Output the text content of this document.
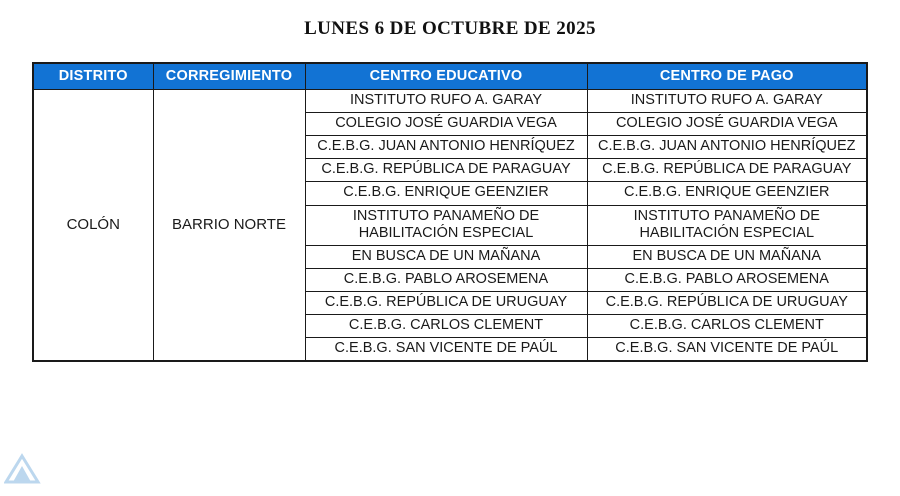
LUNES 6 DE OCTUBRE DE 2025
DISTRITO	CORREGIMIENTO	CENTRO EDUCATIVO	CENTRO DE PAGO
COLÓN	BARRIO NORTE	INSTITUTO RUFO A. GARAY	INSTITUTO RUFO A. GARAY
		COLEGIO JOSÉ GUARDIA VEGA	COLEGIO JOSÉ GUARDIA VEGA
		C.E.B.G. JUAN ANTONIO HENRÍQUEZ	C.E.B.G. JUAN ANTONIO HENRÍQUEZ
		C.E.B.G. REPÚBLICA DE PARAGUAY	C.E.B.G. REPÚBLICA DE PARAGUAY
		C.E.B.G. ENRIQUE GEENZIER	C.E.B.G. ENRIQUE GEENZIER
		INSTITUTO PANAMEÑO DE HABILITACIÓN ESPECIAL	INSTITUTO PANAMEÑO DE HABILITACIÓN ESPECIAL
		EN BUSCA DE UN MAÑANA	EN BUSCA DE UN MAÑANA
		C.E.B.G. PABLO AROSEMENA	C.E.B.G. PABLO AROSEMENA
		C.E.B.G. REPÚBLICA DE URUGUAY	C.E.B.G. REPÚBLICA DE URUGUAY
		C.E.B.G. CARLOS CLEMENT	C.E.B.G. CARLOS CLEMENT
		C.E.B.G. SAN VICENTE DE PAÚL	C.E.B.G. SAN VICENTE DE PAÚL
